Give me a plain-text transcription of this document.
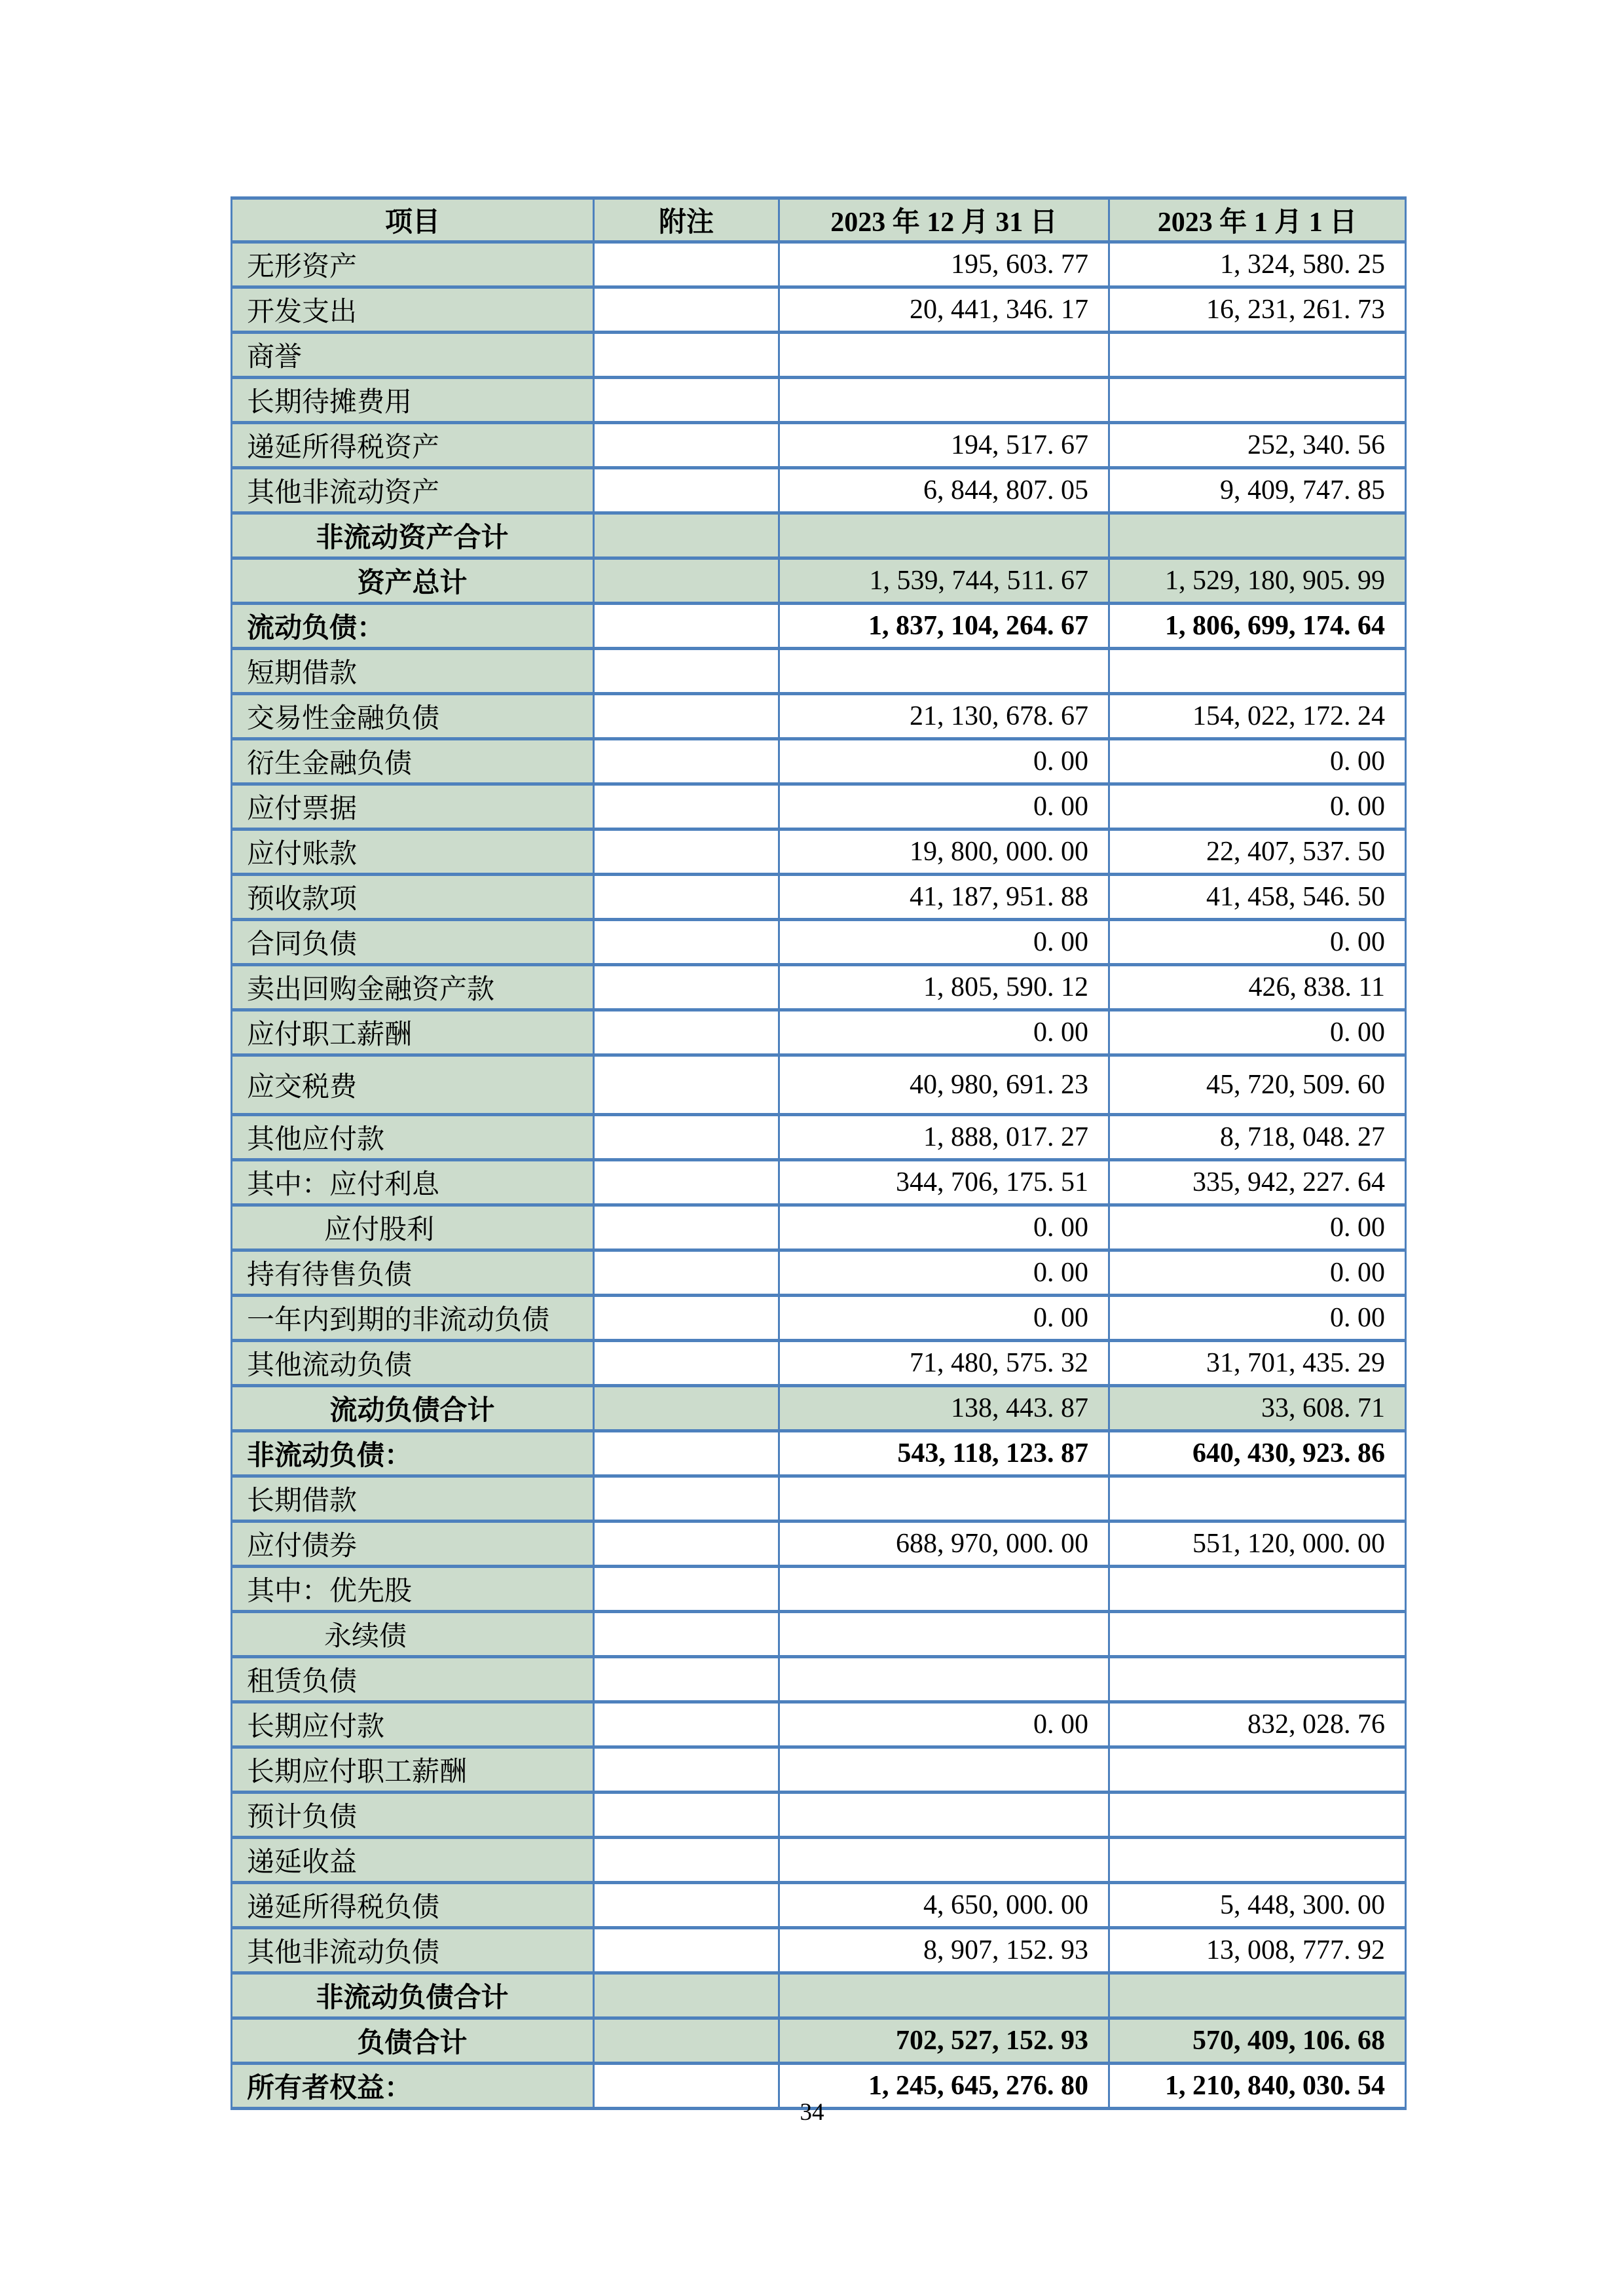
项目	附注	2023 年 12 月 31 日	2023 年 1 月 1 日
无形资产		195, 603. 77	1, 324, 580. 25
开发支出		20, 441, 346. 17	16, 231, 261. 73
商誉			
长期待摊费用			
递延所得税资产		194, 517. 67	252, 340. 56
其他非流动资产		6, 844, 807. 05	9, 409, 747. 85
非流动资产合计			
资产总计		1, 539, 744, 511. 67	1, 529, 180, 905. 99
流动负债：		1, 837, 104, 264. 67	1, 806, 699, 174. 64
短期借款			
交易性金融负债		21, 130, 678. 67	154, 022, 172. 24
衍生金融负债		0. 00	0. 00
应付票据		0. 00	0. 00
应付账款		19, 800, 000. 00	22, 407, 537. 50
预收款项		41, 187, 951. 88	41, 458, 546. 50
合同负债		0. 00	0. 00
卖出回购金融资产款		1, 805, 590. 12	426, 838. 11
应付职工薪酬		0. 00	0. 00
应交税费		40, 980, 691. 23	45, 720, 509. 60
其他应付款		1, 888, 017. 27	8, 718, 048. 27
其中：应付利息		344, 706, 175. 51	335, 942, 227. 64
应付股利		0. 00	0. 00
持有待售负债		0. 00	0. 00
一年内到期的非流动负债		0. 00	0. 00
其他流动负债		71, 480, 575. 32	31, 701, 435. 29
流动负债合计		138, 443. 87	33, 608. 71
非流动负债：		543, 118, 123. 87	640, 430, 923. 86
长期借款			
应付债券		688, 970, 000. 00	551, 120, 000. 00
其中：优先股			
永续债			
租赁负债			
长期应付款		0. 00	832, 028. 76
长期应付职工薪酬			
预计负债			
递延收益			
递延所得税负债		4, 650, 000. 00	5, 448, 300. 00
其他非流动负债		8, 907, 152. 93	13, 008, 777. 92
非流动负债合计			
负债合计		702, 527, 152. 93	570, 409, 106. 68
所有者权益：		1, 245, 645, 276. 80	1, 210, 840, 030. 54
34
